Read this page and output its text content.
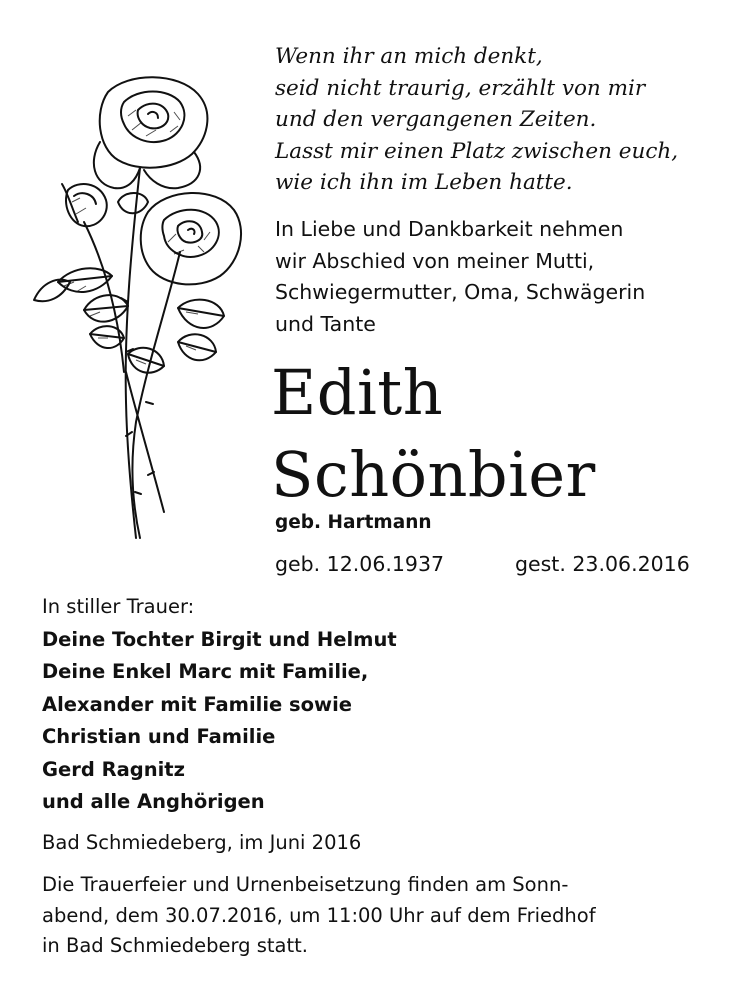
Wenn ihr an mich denkt,
seid nicht traurig, erzählt von mir
und den vergangenen Zeiten.
Lasst mir einen Platz zwischen euch,
wie ich ihn im Leben hatte.
In Liebe und Dankbarkeit nehmen
wir Abschied von meiner Mutti,
Schwiegermutter, Oma, Schwägerin
und Tante
Edith
Schönbier
geb. Hartmann
geb. 12.06.1937	gest. 23.06.2016
In stiller Trauer:
Deine Tochter Birgit und Helmut
Deine Enkel Marc mit Familie,
Alexander mit Familie sowie
Christian und Familie
Gerd Ragnitz
und alle Anghörigen
Bad Schmiedeberg, im Juni 2016
Die Trauerfeier und Urnenbeisetzung finden am Sonn-
abend, dem 30.07.2016, um 11:00 Uhr auf dem Friedhof
in Bad Schmiedeberg statt.
